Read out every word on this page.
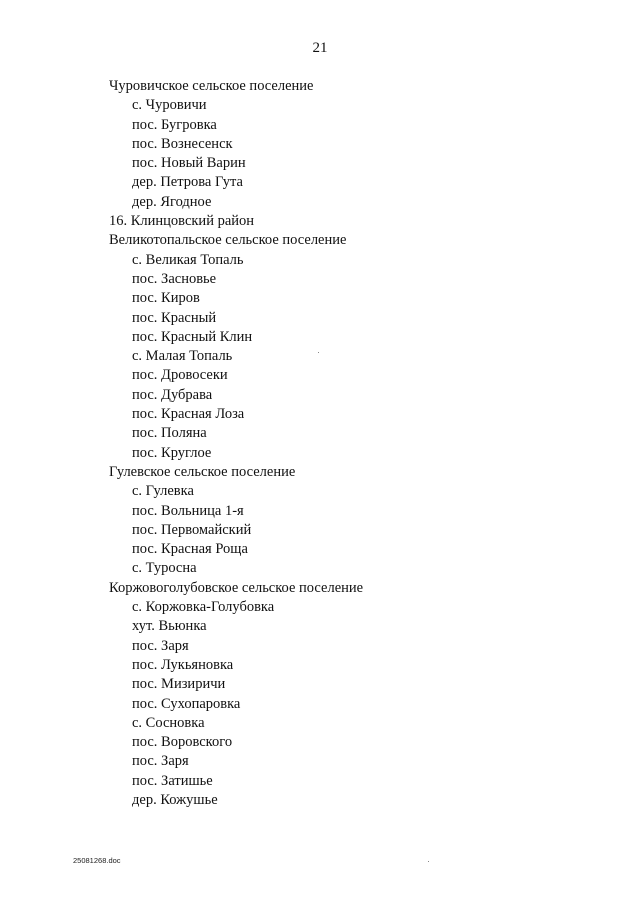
21
Чуровичское сельское поселение
с. Чуровичи
пос. Бугровка
пос. Вознесенск
пос. Новый Варин
дер. Петрова Гута
дер. Ягодное
16. Клинцовский район
Великотопальское сельское поселение
с. Великая Топаль
пос. Засновье
пос. Киров
пос. Красный
пос. Красный Клин
с. Малая Топаль
пос. Дровосеки
пос. Дубрава
пос. Красная Лоза
пос. Поляна
пос. Круглое
Гулевское сельское поселение
с. Гулевка
пос. Вольница 1-я
пос. Первомайский
пос. Красная Роща
с. Туросна
Коржовоголубовское сельское поселение
с. Коржовка-Голубовка
хут. Вьюнка
пос. Заря
пос. Лукьяновка
пос. Мизиричи
пос. Сухопаровка
с. Сосновка
пос. Воровского
пос. Заря
пос. Затишье
дер. Кожушье
25081268.doc
